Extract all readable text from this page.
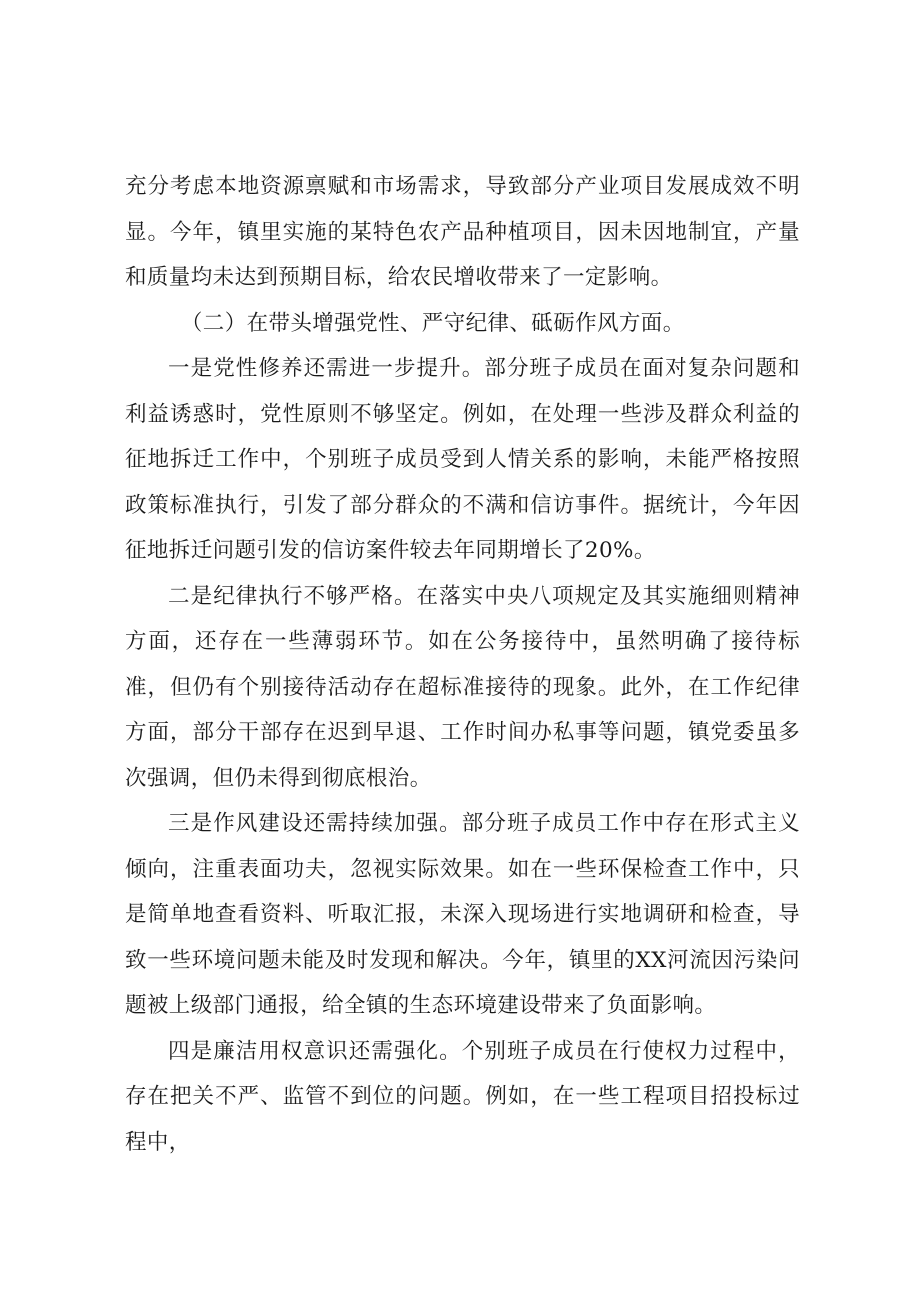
充分考虑本地资源禀赋和市场需求，导致部分产业项目发展成效不明显。今年，镇里实施的某特色农产品种植项目，因未因地制宜，产量和质量均未达到预期目标，给农民增收带来了一定影响。

（二）在带头增强党性、严守纪律、砥砺作风方面。

一是党性修养还需进一步提升。部分班子成员在面对复杂问题和利益诱惑时，党性原则不够坚定。例如，在处理一些涉及群众利益的征地拆迁工作中，个别班子成员受到人情关系的影响，未能严格按照政策标准执行，引发了部分群众的不满和信访事件。据统计，今年因征地拆迁问题引发的信访案件较去年同期增长了20%。

二是纪律执行不够严格。在落实中央八项规定及其实施细则精神方面，还存在一些薄弱环节。如在公务接待中，虽然明确了接待标准，但仍有个别接待活动存在超标准接待的现象。此外，在工作纪律方面，部分干部存在迟到早退、工作时间办私事等问题，镇党委虽多次强调，但仍未得到彻底根治。

三是作风建设还需持续加强。部分班子成员工作中存在形式主义倾向，注重表面功夫，忽视实际效果。如在一些环保检查工作中，只是简单地查看资料、听取汇报，未深入现场进行实地调研和检查，导致一些环境问题未能及时发现和解决。今年，镇里的XX河流因污染问题被上级部门通报，给全镇的生态环境建设带来了负面影响。

四是廉洁用权意识还需强化。个别班子成员在行使权力过程中，存在把关不严、监管不到位的问题。例如，在一些工程项目招投标过程中，
